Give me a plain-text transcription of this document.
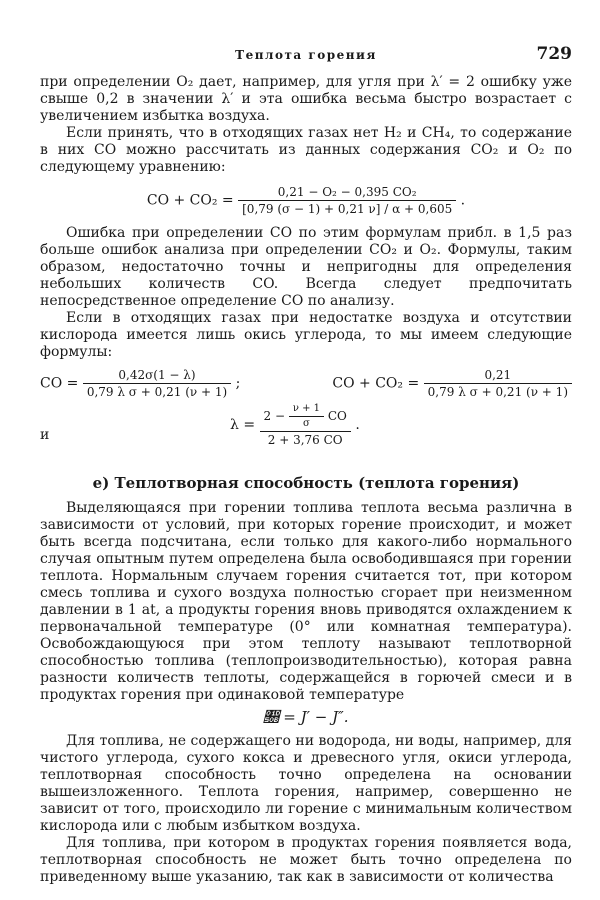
Теплота горения	729

при определении O₂ дает, например, для угля при λ′ = 2 ошибку уже свыше 0,2 в значении λ′ и эта ошибка весьма быстро возрастает с увеличением избытка воздуха.

Если принять, что в отходящих газах нет H₂ и CH₄, то содержание в них CO можно рассчитать из данных содержания CO₂ и O₂ по следующему уравнению:

CO + $CO_2 = \frac{\text{0,21 − O₂ − 0,395 CO₂}}{[0,79 (\sigma - 1) + 0,21 \nu] / \alpha + 0,605}$ .

Ошибка при определении CO по этим формулам прибл. в 1,5 раз больше ошибок анализа при определении CO₂ и O₂. Формулы, таким образом, недостаточно точны и непригодны для определения небольших количеств CO. Всегда следует предпочитать непосредственное определение CO по анализу.

Если в отходящих газах при недостатке воздуха и отсутствии кислорода имеется лишь окись углерода, то мы имеем следующие формулы:

CO = $\frac{0,42\sigma(1 - \lambda)}{\text{0,79 λ σ + 0,21 (ν + 1)}}$ ;	CO + $CO_2 = \frac{0,21}{\text{0,79 λ σ + 0,21 (ν + 1)}}$
и
λ =
$2 - \frac{\nu + 1}{\sigma}$ CO
2 + 3,76 CO
.
е) Теплотворная способность (теплота горения)

Выделяющаяся при горении топлива теплота весьма различна в зависимости от условий, при которых горение происходит, и может быть всегда подсчитана, если только для какого-либо нормального случая опытным путем определена была освободившаяся при горении теплота. Нормальным случаем горения считается тот, при котором смесь топлива и сухого воздуха полностью сгорает при неизменном давлении в 1 at, а продукты горения вновь приводятся охлаждением к первоначальной температуре (0° или комнатная температура). Освобождающуюся при этом теплоту называют теплотворной способностью топлива (теплопроизводительностью), которая равна разности количеств теплоты, содержащейся в горючей смеси и в продуктах горения при одинаковой температуре

𝔋 = J′ − J″.

Для топлива, не содержащего ни водорода, ни воды, например, для чистого углерода, сухого кокса и древесного угля, окиси углерода, теплотворная способность точно определена на основании вышеизложенного. Теплота горения, например, совершенно не зависит от того, происходило ли горение с минимальным количеством кислорода или с любым избытком воздуха.

Для топлива, при котором в продуктах горения появляется вода, теплотворная способность не может быть точно определена по приведенному выше указанию, так как в зависимости от количества
